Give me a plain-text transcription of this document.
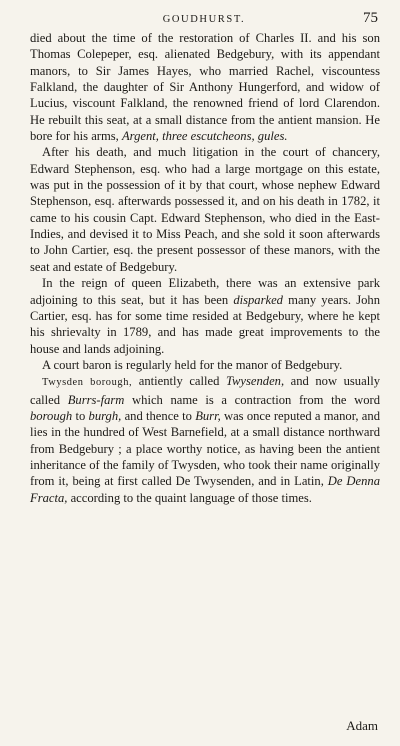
GOUDHURST.	75

died about the time of the restoration of Charles II. and his son Thomas Colepeper, esq. alienated Bedgebury, with its appendant manors, to Sir James Hayes, who married Rachel, viscountess Falkland, the daughter of Sir Anthony Hungerford, and widow of Lucius, viscount Falkland, the renowned friend of lord Clarendon. He rebuilt this seat, at a small distance from the antient mansion. He bore for his arms, Argent, three escutcheons, gules.

After his death, and much litigation in the court of chancery, Edward Stephenson, esq. who had a large mortgage on this estate, was put in the possession of it by that court, whose nephew Edward Stephenson, esq. afterwards possessed it, and on his death in 1782, it came to his cousin Capt. Edward Stephenson, who died in the East-Indies, and devised it to Miss Peach, and she sold it soon afterwards to John Cartier, esq. the present possessor of these manors, with the seat and estate of Bedgebury.

In the reign of queen Elizabeth, there was an extensive park adjoining to this seat, but it has been disparked many years. John Cartier, esq. has for some time resided at Bedgebury, where he kept his shrievalty in 1789, and has made great improvements to the house and lands adjoining.

A court baron is regularly held for the manor of Bedgebury.

Twysden borough, antiently called Twysenden, and now usually called Burrs-farm which name is a contraction from the word borough to burgh, and thence to Burr, was once reputed a manor, and lies in the hundred of West Barnefield, at a small distance northward from Bedgebury ; a place worthy notice, as having been the antient inheritance of the family of Twysden, who took their name originally from it, being at first called De Twysenden, and in Latin, De Denna Fracta, according to the quaint language of those times.

Adam
